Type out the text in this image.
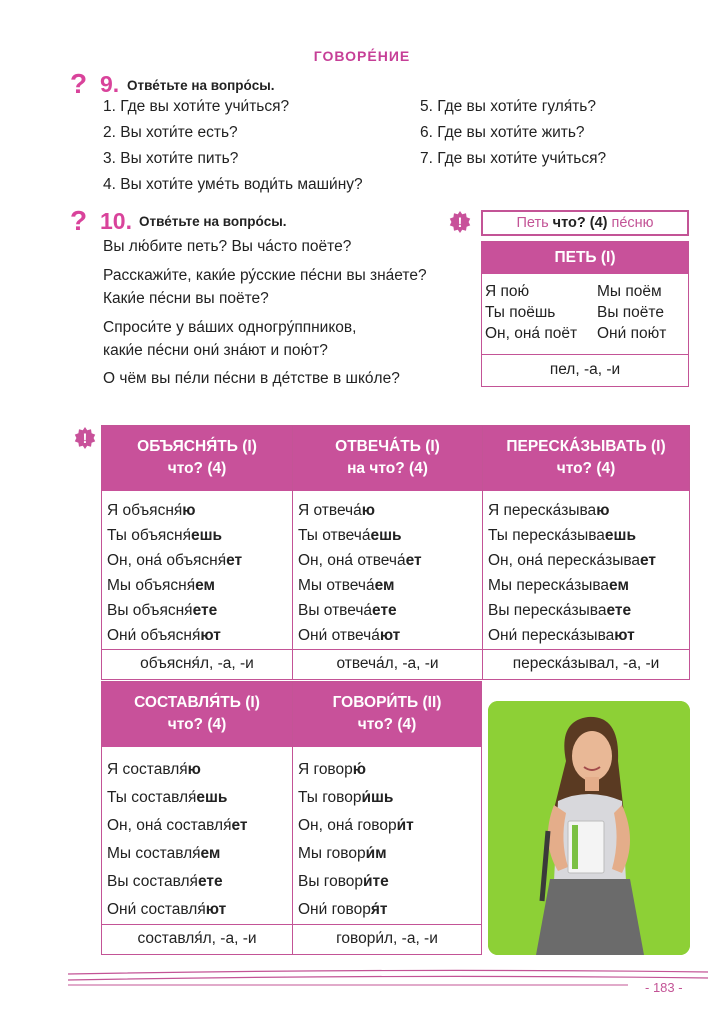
ГОВОРЕ́НИЕ
? 9. Отве́тьте на вопро́сы.
1. Где вы хоти́те учи́ться?
2. Вы хоти́те есть?
3. Вы хоти́те пить?
4. Вы хоти́те уме́ть води́ть маши́ну?
5. Где вы хоти́те гуля́ть?
6. Где вы хоти́те жить?
7. Где вы хоти́те учи́ться?
? 10. Отве́тьте на вопро́сы.
Вы лю́бите петь? Вы ча́сто поёте?
Расскажи́те, каки́е ру́сские пе́сни вы зна́ете?
Каки́е пе́сни вы поёте?
Спроси́те у ва́ших одногру́ппников,
каки́е пе́сни они́ зна́ют и пою́т?
О чём вы пе́ли пе́сни в де́тстве в шко́ле?
!	Петь что? (4) пе́сню
ПЕТЬ (I)
Я пою́
Ты поёшь
Он, она́ поёт
Мы поём
Вы поёте
Они́ пою́т
пел, -а, -и
!	ОБЪЯСНЯ́ТЬ (I)
что? (4)
Я объясня́ю
Ты объясня́ешь
Он, она́ объясня́ет
Мы объясня́ем
Вы объясня́ете
Они́ объясня́ют
объясня́л, -а, -и
ОТВЕЧА́ТЬ (I)
на что? (4)
Я отвеча́ю
Ты отвеча́ешь
Он, она́ отвеча́ет
Мы отвеча́ем
Вы отвеча́ете
Они́ отвеча́ют
отвеча́л, -а, -и
ПЕРЕСКА́ЗЫВАТЬ (I)
что? (4)
Я переска́зываю
Ты переска́зываешь
Он, она́ переска́зывает
Мы переска́зываем
Вы переска́зываете
Они́ переска́зывают
переска́зывал, -а, -и
СОСТАВЛЯ́ТЬ (I)
что? (4)
Я составля́ю
Ты составля́ешь
Он, она́ составля́ет
Мы составля́ем
Вы составля́ете
Они́ составля́ют
составля́л, -а, -и
ГОВОРИ́ТЬ (II)
что? (4)
Я говорю́
Ты говори́шь
Он, она́ говори́т
Мы говори́м
Вы говори́те
Они́ говоря́т
говори́л, -а, -и
- 183 -
